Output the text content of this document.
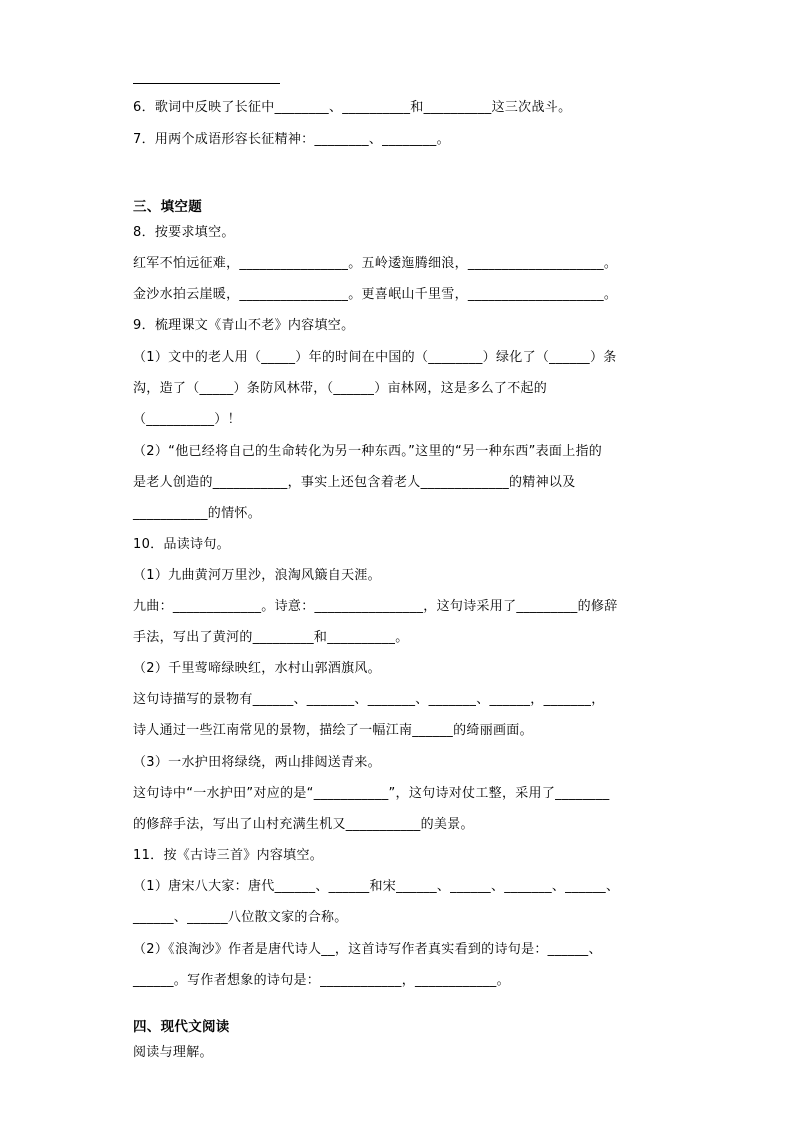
6．歌词中反映了长征中________、__________和__________这三次战斗。
7．用两个成语形容长征精神：________、________。
三、填空题
8．按要求填空。
红军不怕远征难，________________。五岭逶迤腾细浪，____________________。
金沙水拍云崖暖，________________。更喜岷山千里雪，____________________。
9．梳理课文《青山不老》内容填空。
（1）文中的老人用（_____）年的时间在中国的（________）绿化了（______）条
沟，造了（_____）条防风林带，（______）亩林网，这是多么了不起的
（__________）！
（2）“他已经将自己的生命转化为另一种东西。”这里的“另一种东西”表面上指的
是老人创造的___________，事实上还包含着老人_____________的精神以及
___________的情怀。
10．品读诗句。
（1）九曲黄河万里沙，浪淘风簸自天涯。
九曲：_____________。诗意：________________，这句诗采用了_________的修辞
手法，写出了黄河的_________和__________。
（2）千里莺啼绿映红，水村山郭酒旗风。
这句诗描写的景物有______、_______、_______、_______、______，_______，
诗人通过一些江南常见的景物，描绘了一幅江南______的绮丽画面。
（3）一水护田将绿绕，两山排闼送青来。
这句诗中“一水护田”对应的是“___________”，这句诗对仗工整，采用了________
的修辞手法，写出了山村充满生机又___________的美景。
11．按《古诗三首》内容填空。
（1）唐宋八大家：唐代______、______和宋______、______、_______、______、
______、______八位散文家的合称。
（2）《浪淘沙》作者是唐代诗人__，这首诗写作者真实看到的诗句是：______、
______。写作者想象的诗句是：____________，____________。
四、现代文阅读
阅读与理解。
